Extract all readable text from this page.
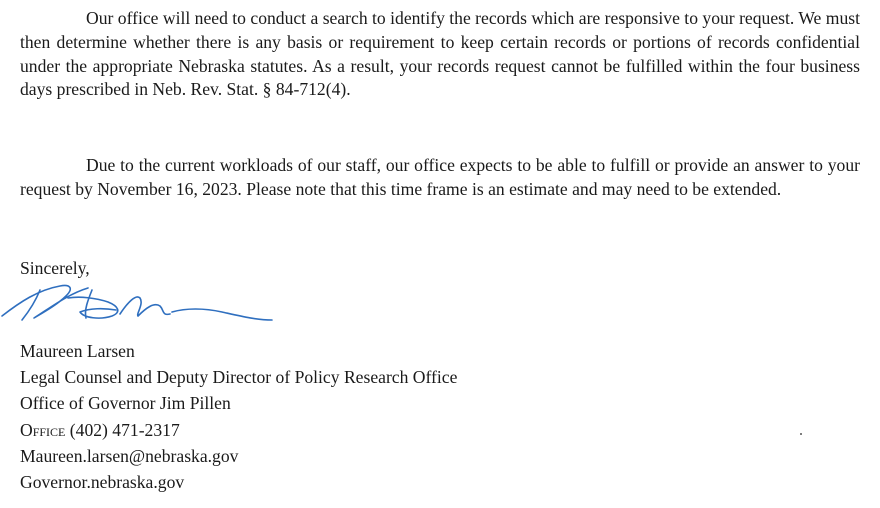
Our office will need to conduct a search to identify the records which are responsive to your request. We must then determine whether there is any basis or requirement to keep certain records or portions of records confidential under the appropriate Nebraska statutes. As a result, your records request cannot be fulfilled within the four business days prescribed in Neb. Rev. Stat. § 84-712(4).

Due to the current workloads of our staff, our office expects to be able to fulfill or provide an answer to your request by November 16, 2023. Please note that this time frame is an estimate and may need to be extended.

Sincerely,

Maureen Larsen
Legal Counsel and Deputy Director of Policy Research Office
Office of Governor Jim Pillen
Office (402) 471-2317
Maureen.larsen@nebraska.gov
Governor.nebraska.gov
